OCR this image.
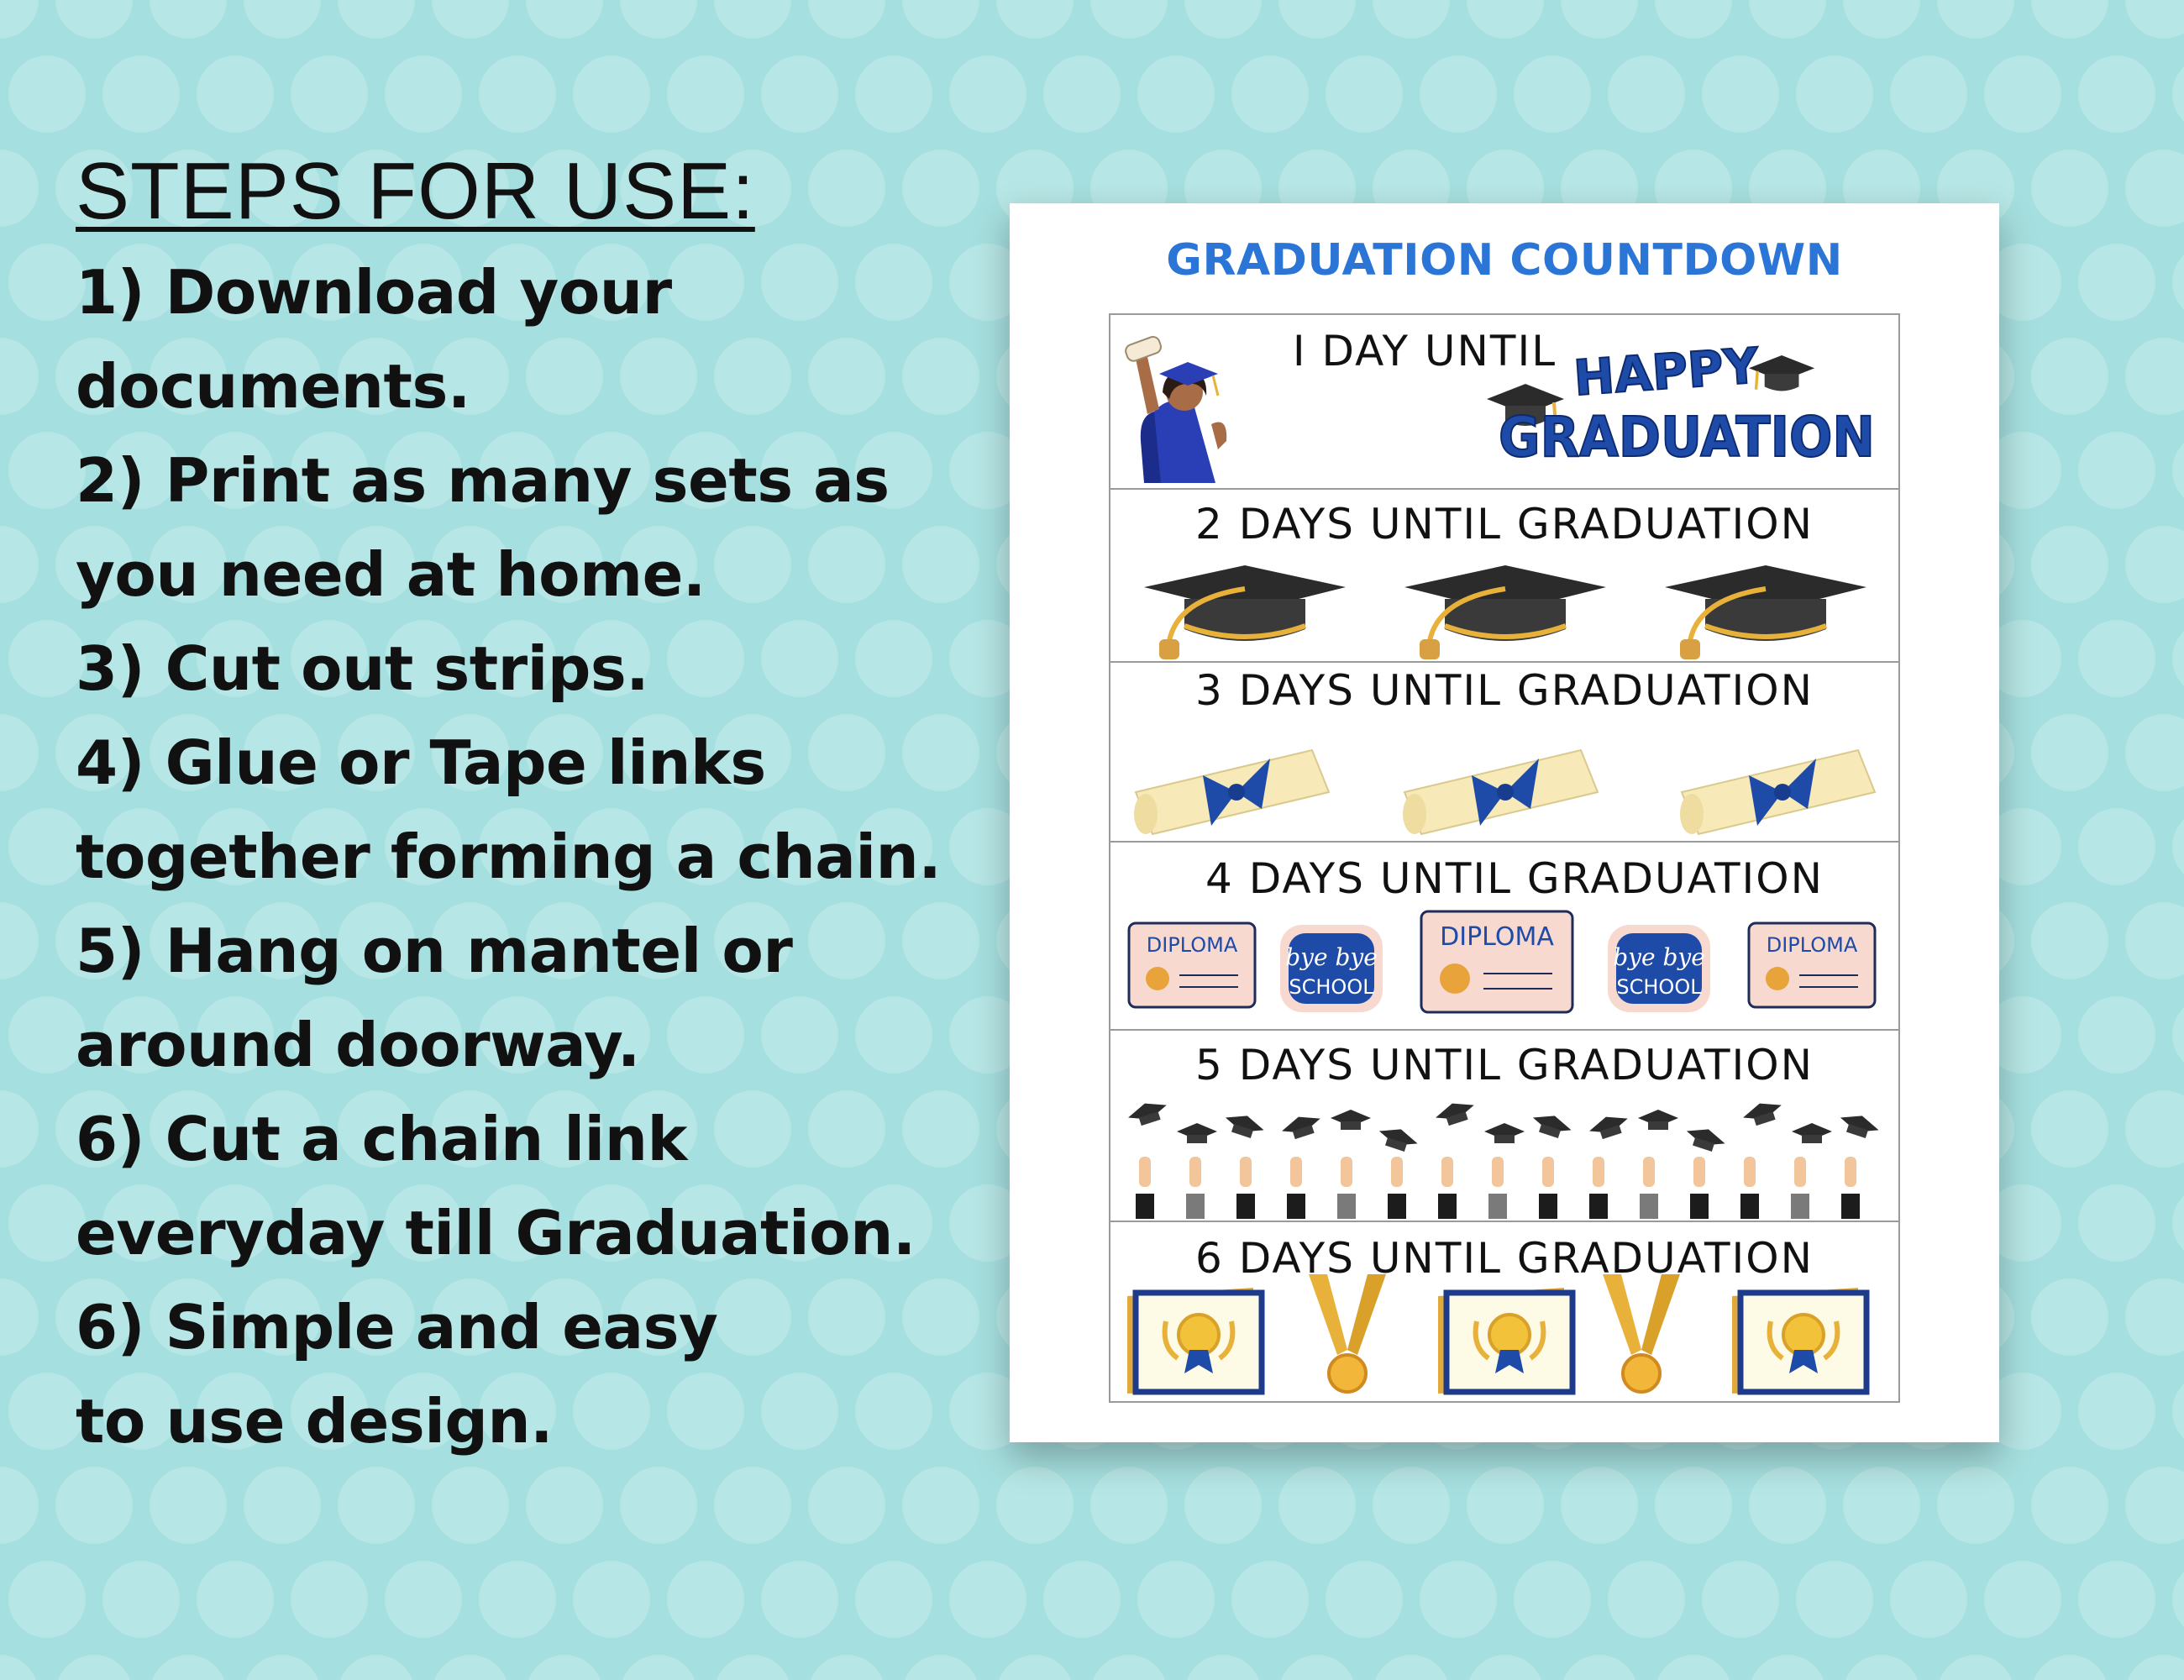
STEPS FOR USE:
1) Download your
documents.
2) Print as many sets as
you need at home.
3) Cut out strips.
4) Glue or Tape links
together forming a chain.
5) Hang on mantel or
around doorway.
6) Cut a chain link
everyday till Graduation.
6) Simple and easy
to use design.
GRADUATION COUNTDOWN
HAPPY
GRADUATION
I DAY UNTIL
2 DAYS UNTIL GRADUATION
3 DAYS UNTIL GRADUATION
4 DAYS UNTIL GRADUATION
DIPLOMA bye bye
SCHOOL
DIPLOMA
bye bye
SCHOOL
DIPLOMA
5 DAYS UNTIL GRADUATION
6 DAYS UNTIL GRADUATION
